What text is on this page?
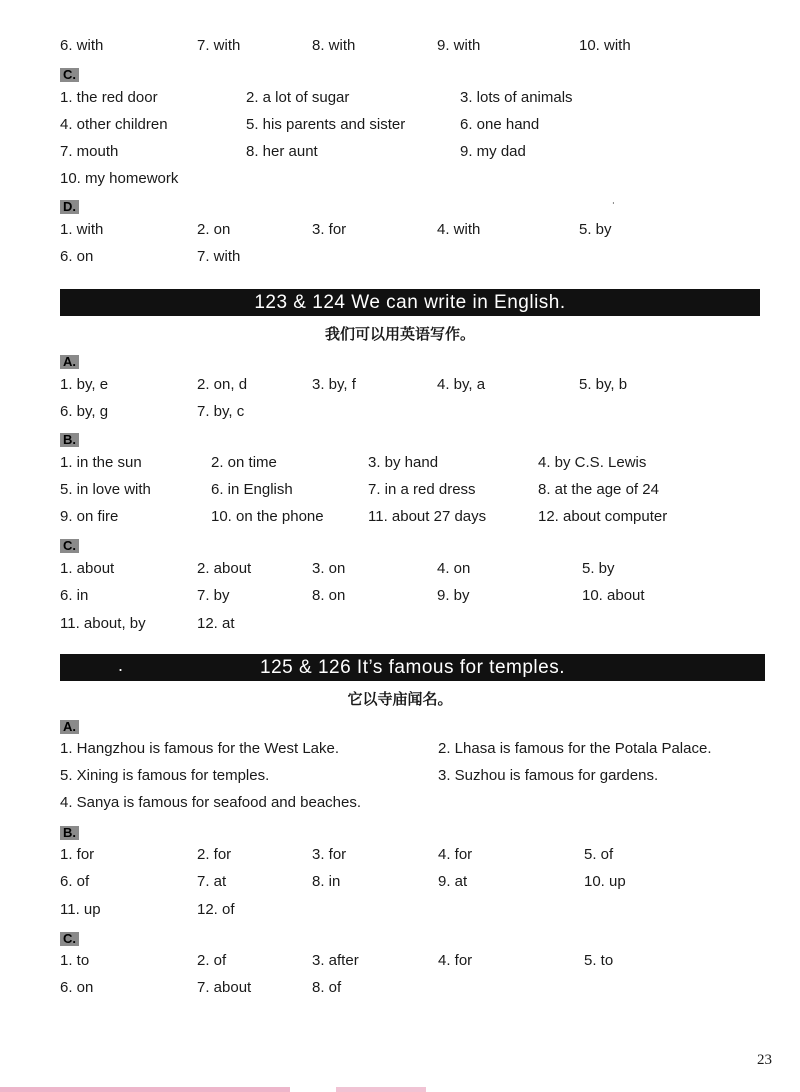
6. with	7. with	8. with	9. with	10. with
C.
1. the red door	2. a lot of sugar	3. lots of animals
4. other children	5. his parents and sister	6. one hand
7. mouth	8. her aunt	9. my dad
10. my homework
D.	˙
1. with	2. on	3. for	4. with	5. by
6. on	7. with
123 & 124 We can write in English.
我们可以用英语写作。
A.
1. by, e	2. on, d	3. by, f	4. by, a	5. by, b
6. by, g	7. by, c
B.
1. in the sun	2. on time	3. by hand	4. by C.S. Lewis
5. in love with	6. in English	7. in a red dress	8. at the age of 24
9. on fire	10. on the phone	11. about 27 days	12. about computer
C.
1. about	2. about	3. on	4. on	5. by
6. in	7. by	8. on	9. by	10. about
11. about, by	12. at
.	125 & 126 It’s famous for temples.
它以寺庙闻名。
A.
1. Hangzhou is famous for the West Lake.	2. Lhasa is famous for the Potala Palace.
5. Xining is famous for temples.	3. Suzhou is famous for gardens.
4. Sanya is famous for seafood and beaches.
B.
1. for	2. for	3. for	4. for	5. of
6. of	7. at	8. in	9. at	10. up
11. up	12. of
C.
1. to	2. of	3. after	4. for	5. to
6. on	7. about	8. of
23
